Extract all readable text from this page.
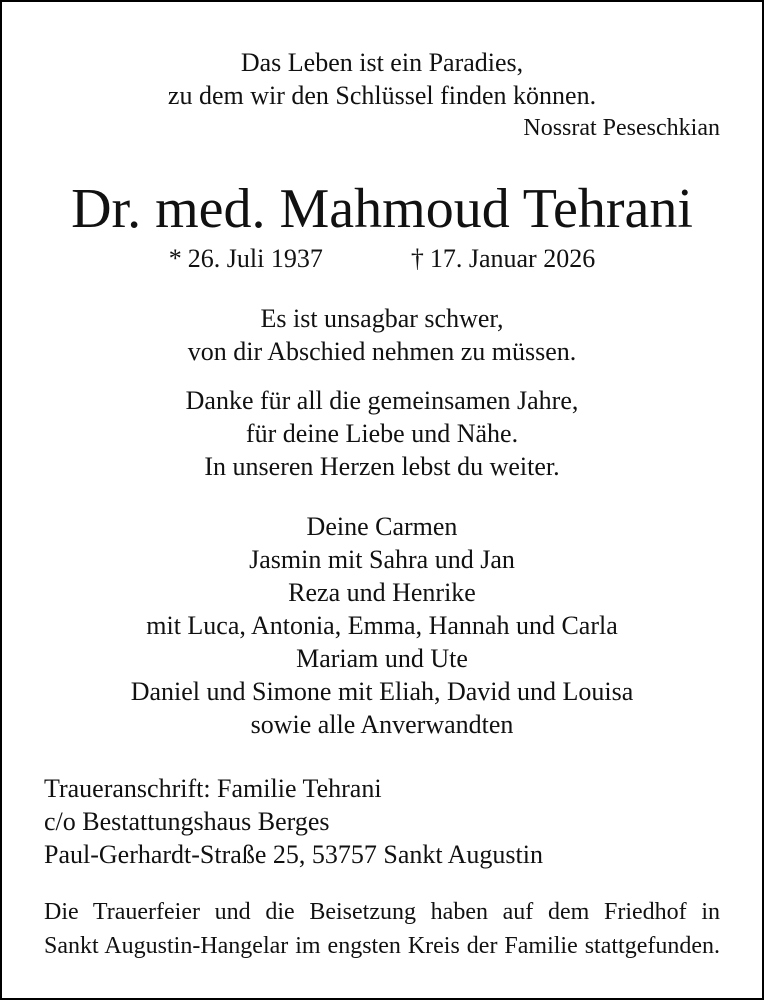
Das Leben ist ein Paradies,
zu dem wir den Schlüssel finden können.
Nossrat Peseschkian
Dr. med. Mahmoud Tehrani
* 26. Juli 1937	† 17. Januar 2026
Es ist unsagbar schwer,
von dir Abschied nehmen zu müssen.
Danke für all die gemeinsamen Jahre,
für deine Liebe und Nähe.
In unseren Herzen lebst du weiter.
Deine Carmen
Jasmin mit Sahra und Jan
Reza und Henrike
mit Luca, Antonia, Emma, Hannah und Carla
Mariam und Ute
Daniel und Simone mit Eliah, David und Louisa
sowie alle Anverwandten
Traueranschrift: Familie Tehrani
c/o Bestattungshaus Berges
Paul-Gerhardt-Straße 25, 53757 Sankt Augustin
Die Trauerfeier und die Beisetzung haben auf dem Friedhof in
Sankt Augustin-Hangelar im engsten Kreis der Familie stattgefunden.
